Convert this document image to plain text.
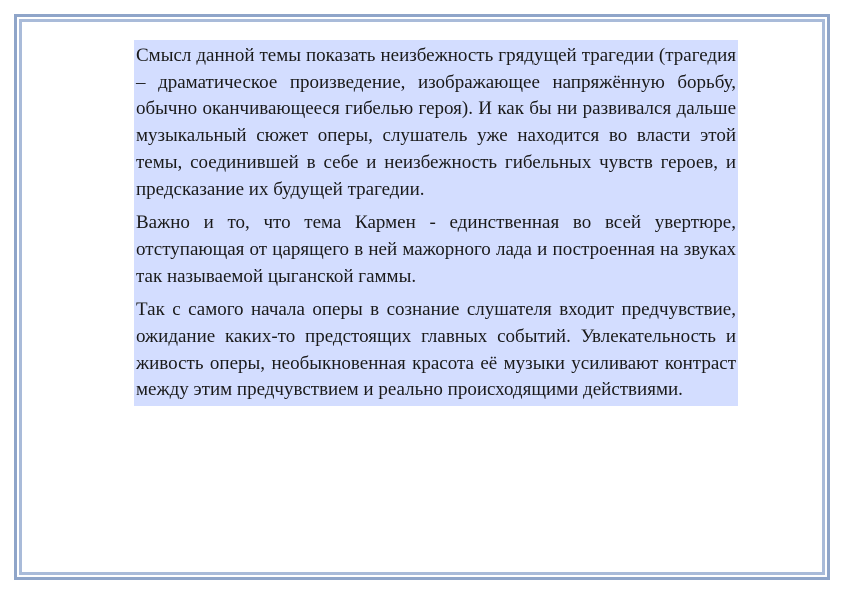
Смысл данной темы показать неизбежность грядущей трагедии (трагедия – драматическое произведение, изображающее напряжённую борьбу, обычно оканчивающееся гибелью героя). И как бы ни развивался дальше музыкальный сюжет оперы, слушатель уже находится во власти этой темы, соединившей в себе и неизбежность гибельных чувств героев, и предсказание их будущей трагедии.

Важно и то, что тема Кармен - единственная во всей увертюре, отступающая от царящего в ней мажорного лада и построенная на звуках так называемой цыганской гаммы.

Так с самого начала оперы в сознание слушателя входит предчувствие, ожидание каких-то предстоящих главных событий. Увлекательность и живость оперы, необыкновенная красота её музыки усиливают контраст между этим предчувствием и реально происходящими действиями.
